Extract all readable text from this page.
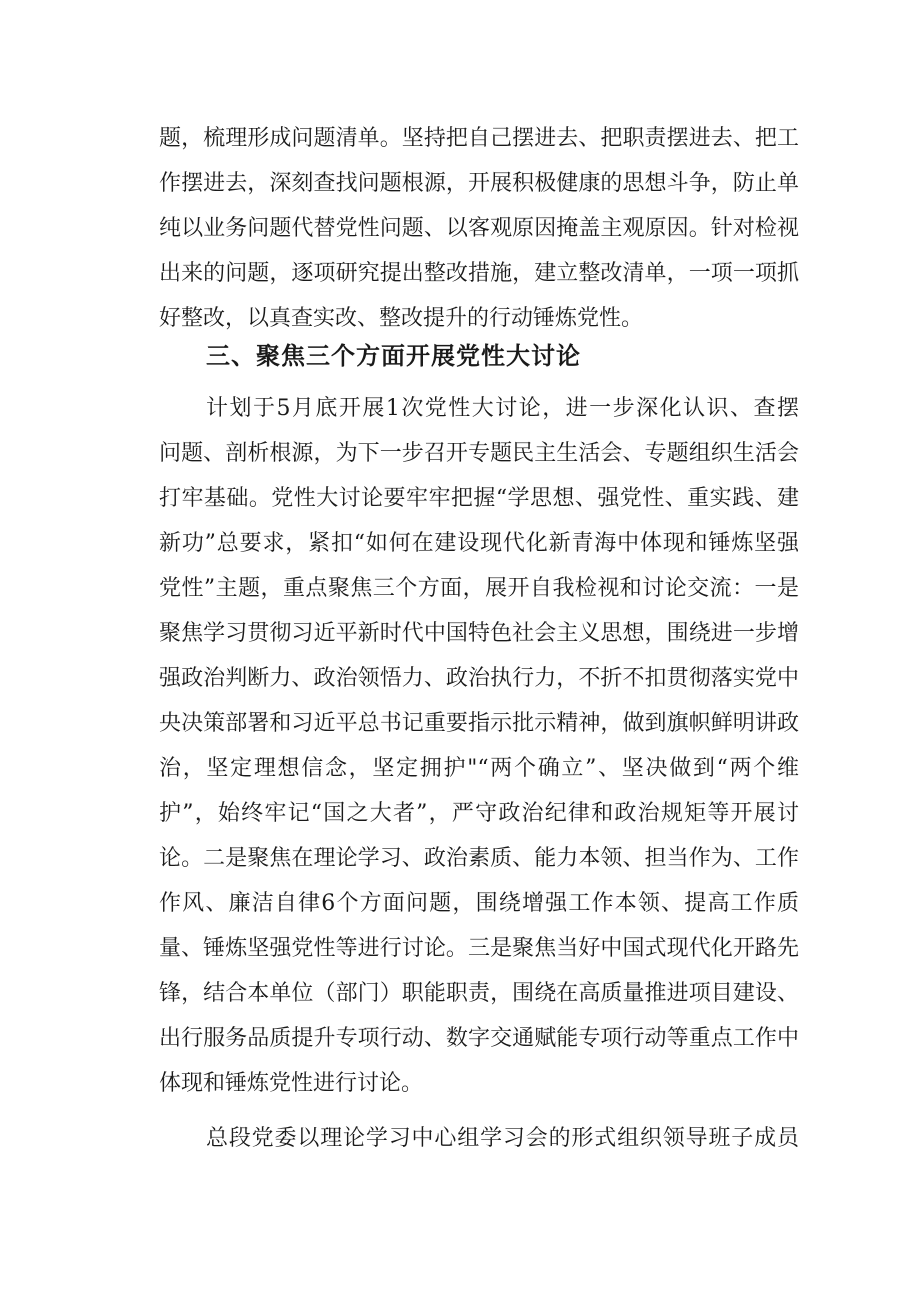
题，梳理形成问题清单。坚持把自己摆进去、把职责摆进去、把工
作摆进去，深刻查找问题根源，开展积极健康的思想斗争，防止单
纯以业务问题代替党性问题、以客观原因掩盖主观原因。针对检视
出来的问题，逐项研究提出整改措施，建立整改清单，一项一项抓
好整改，以真查实改、整改提升的行动锤炼党性。
三、聚焦三个方面开展党性大讨论
计划于5月底开展1次党性大讨论，进一步深化认识、查摆
问题、剖析根源，为下一步召开专题民主生活会、专题组织生活会
打牢基础。党性大讨论要牢牢把握“学思想、强党性、重实践、建
新功”总要求，紧扣“如何在建设现代化新青海中体现和锤炼坚强
党性”主题，重点聚焦三个方面，展开自我检视和讨论交流：一是
聚焦学习贯彻习近平新时代中国特色社会主义思想，围绕进一步增
强政治判断力、政治领悟力、政治执行力，不折不扣贯彻落实党中
央决策部署和习近平总书记重要指示批示精神，做到旗帜鲜明讲政
治，坚定理想信念，坚定拥护"“两个确立”、坚决做到“两个维
护”，始终牢记“国之大者”，严守政治纪律和政治规矩等开展讨
论。二是聚焦在理论学习、政治素质、能力本领、担当作为、工作
作风、廉洁自律6个方面问题，围绕增强工作本领、提高工作质
量、锤炼坚强党性等进行讨论。三是聚焦当好中国式现代化开路先
锋，结合本单位（部门）职能职责，围绕在高质量推进项目建设、
出行服务品质提升专项行动、数字交通赋能专项行动等重点工作中
体现和锤炼党性进行讨论。
总段党委以理论学习中心组学习会的形式组织领导班子成员
